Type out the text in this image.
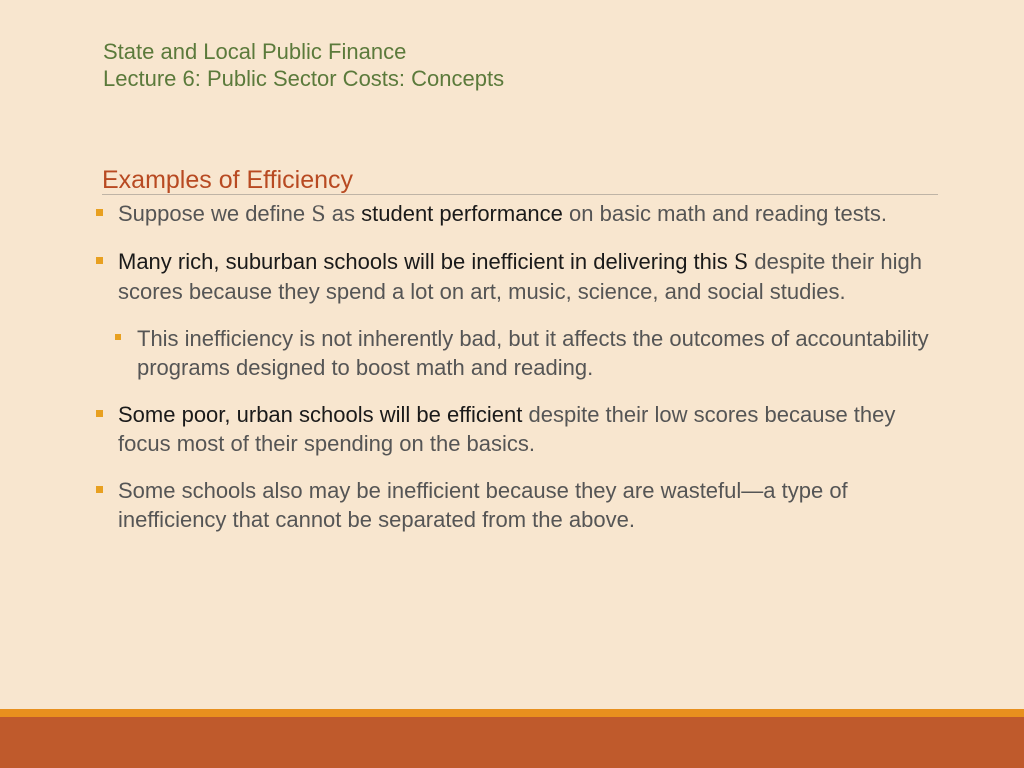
State and Local Public Finance
Lecture 6: Public Sector Costs: Concepts
Examples of Efficiency
Suppose we define S as student performance on basic math and reading tests.
Many rich, suburban schools will be inefficient in delivering this S despite their high scores because they spend a lot on art, music, science, and social studies.
This inefficiency is not inherently bad, but it affects the outcomes of accountability programs designed to boost math and reading.
Some poor, urban schools will be efficient despite their low scores because they focus most of their spending on the basics.
Some schools also may be inefficient because they are wasteful—a type of inefficiency that cannot be separated from the above.
